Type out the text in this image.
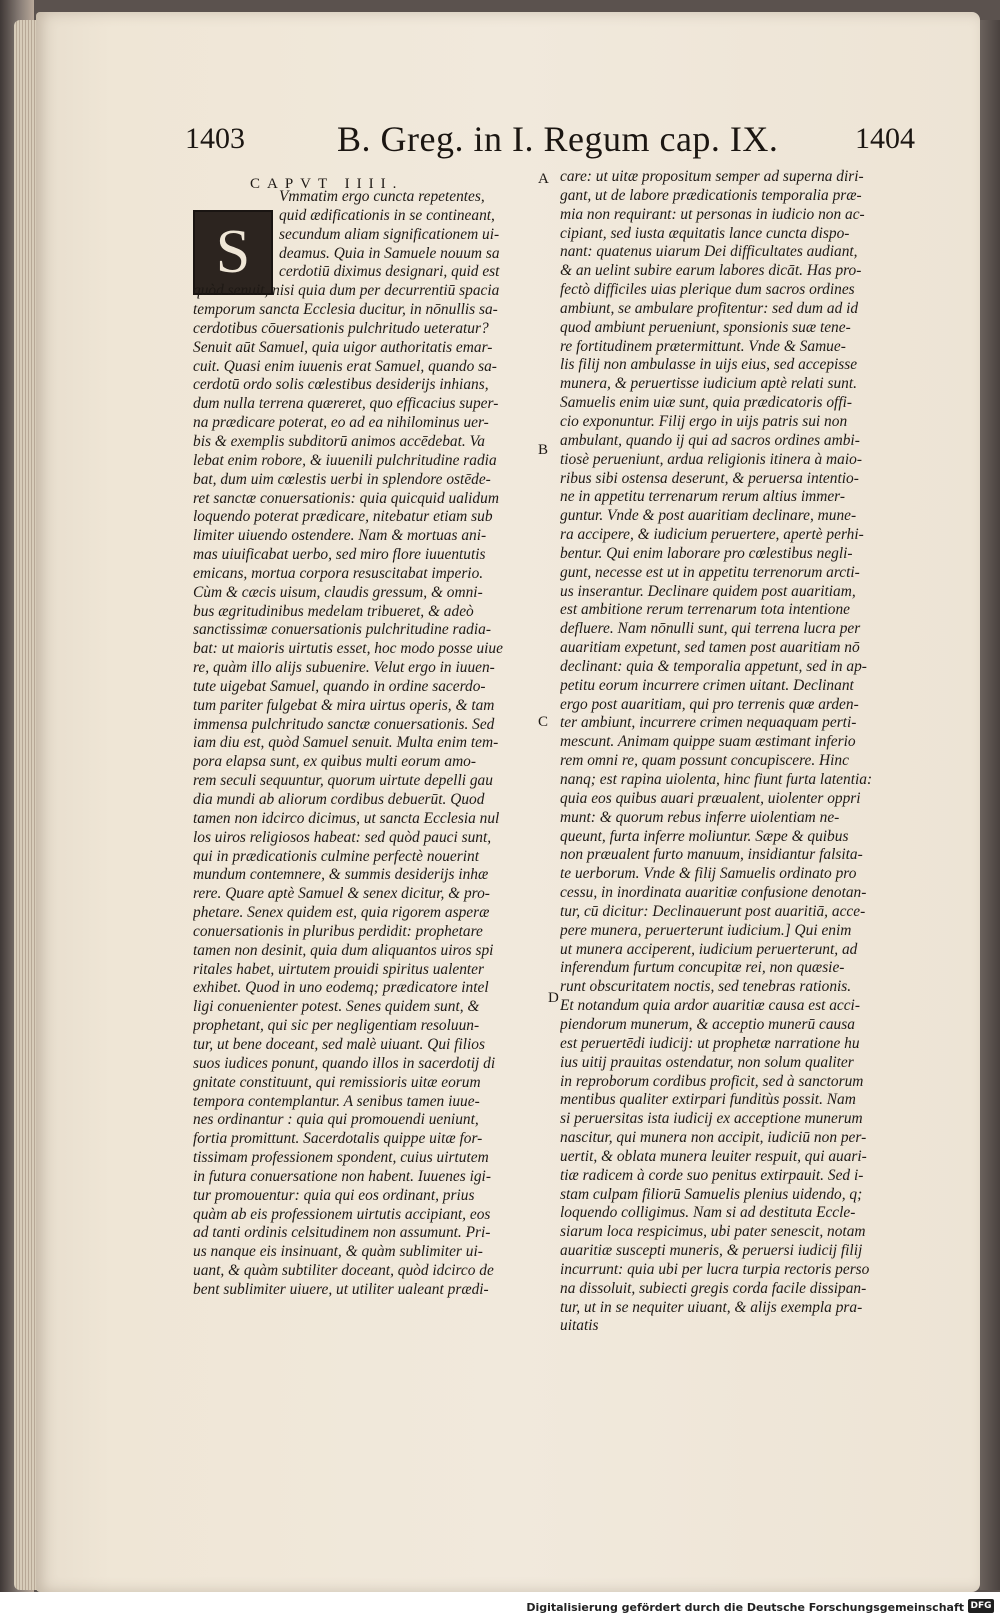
1403	B. Greg. in I. Regum cap. IX.	1404
CAPVT IIII.
S
A
B
C
D
Vmmatim ergo cuncta repetentes,
quid ædificationis in se contineant,
secundum aliam significationem ui-
deamus. Quia in Samuele nouum sa
cerdotiū diximus designari, quid est
quòd senuit, nisi quia dum per decurrentiū spacia
temporum sancta Ecclesia ducitur, in nōnullis sa-
cerdotibus cōuersationis pulchritudo ueteratur?
Senuit aūt Samuel, quia uigor authoritatis emar-
cuit. Quasi enim iuuenis erat Samuel, quando sa-
cerdotū ordo solis cœlestibus desiderijs inhians,
dum nulla terrena quæreret, quo efficacius super-
na prædicare poterat, eo ad ea nihilominus uer-
bis & exemplis subditorū animos accēdebat. Va
lebat enim robore, & iuuenili pulchritudine radia
bat, dum uim cœlestis uerbi in splendore ostēde-
ret sanctæ conuersationis: quia quicquid ualidum
loquendo poterat prædicare, nitebatur etiam sub
limiter uiuendo ostendere. Nam & mortuas ani-
mas uiuificabat uerbo, sed miro flore iuuentutis
emicans, mortua corpora resuscitabat imperio.
Cùm & cæcis uisum, claudis gressum, & omni-
bus ægritudinibus medelam tribueret, & adeò
sanctissimæ conuersationis pulchritudine radia-
bat: ut maioris uirtutis esset, hoc modo posse uiue
re, quàm illo alijs subuenire. Velut ergo in iuuen-
tute uigebat Samuel, quando in ordine sacerdo-
tum pariter fulgebat & mira uirtus operis, & tam
immensa pulchritudo sanctæ conuersationis. Sed
iam diu est, quòd Samuel senuit. Multa enim tem-
pora elapsa sunt, ex quibus multi eorum amo-
rem seculi sequuntur, quorum uirtute depelli gau
dia mundi ab aliorum cordibus debuerūt. Quod
tamen non idcirco dicimus, ut sancta Ecclesia nul
los uiros religiosos habeat: sed quòd pauci sunt,
qui in prædicationis culmine perfectè nouerint
mundum contemnere, & summis desiderijs inhæ
rere. Quare aptè Samuel & senex dicitur, & pro-
phetare. Senex quidem est, quia rigorem asperæ
conuersationis in pluribus perdidit: prophetare
tamen non desinit, quia dum aliquantos uiros spi
ritales habet, uirtutem prouidi spiritus ualenter
exhibet. Quod in uno eodemq; prædicatore intel
ligi conuenienter potest. Senes quidem sunt, &
prophetant, qui sic per negligentiam resoluun-
tur, ut bene doceant, sed malè uiuant. Qui filios
suos iudices ponunt, quando illos in sacerdotij di
gnitate constituunt, qui remissioris uitæ eorum
tempora contemplantur. A senibus tamen iuue-
nes ordinantur : quia qui promouendi ueniunt,
fortia promittunt. Sacerdotalis quippe uitæ for-
tissimam professionem spondent, cuius uirtutem
in futura conuersatione non habent. Iuuenes igi-
tur promouentur: quia qui eos ordinant, prius
quàm ab eis professionem uirtutis accipiant, eos
ad tanti ordinis celsitudinem non assumunt. Pri-
us nanque eis insinuant, & quàm sublimiter ui-
uant, & quàm subtiliter doceant, quòd idcirco de
bent sublimiter uiuere, ut utiliter ualeant prædi-
care: ut uitæ propositum semper ad superna diri-
gant, ut de labore prædicationis temporalia præ-
mia non requirant: ut personas in iudicio non ac-
cipiant, sed iusta æquitatis lance cuncta dispo-
nant: quatenus uiarum Dei difficultates audiant,
& an uelint subire earum labores dicāt. Has pro-
fectò difficiles uias plerique dum sacros ordines
ambiunt, se ambulare profitentur: sed dum ad id
quod ambiunt perueniunt, sponsionis suæ tene-
re fortitudinem prætermittunt. Vnde & Samue-
lis filij non ambulasse in uijs eius, sed accepisse
munera, & peruertisse iudicium aptè relati sunt.
Samuelis enim uiæ sunt, quia prædicatoris offi-
cio exponuntur. Filij ergo in uijs patris sui non
ambulant, quando ij qui ad sacros ordines ambi-
tiosè perueniunt, ardua religionis itinera à maio-
ribus sibi ostensa deserunt, & peruersa intentio-
ne in appetitu terrenarum rerum altius immer-
guntur. Vnde & post auaritiam declinare, mune-
ra accipere, & iudicium peruertere, apertè perhi-
bentur. Qui enim laborare pro cœlestibus negli-
gunt, necesse est ut in appetitu terrenorum arcti-
us inserantur. Declinare quidem post auaritiam,
est ambitione rerum terrenarum tota intentione
defluere. Nam nōnulli sunt, qui terrena lucra per
auaritiam expetunt, sed tamen post auaritiam nō
declinant: quia & temporalia appetunt, sed in ap-
petitu eorum incurrere crimen uitant. Declinant
ergo post auaritiam, qui pro terrenis quæ arden-
ter ambiunt, incurrere crimen nequaquam perti-
mescunt. Animam quippe suam æstimant inferio
rem omni re, quam possunt concupiscere. Hinc
nanq; est rapina uiolenta, hinc fiunt furta latentia:
quia eos quibus auari præualent, uiolenter oppri
munt: & quorum rebus inferre uiolentiam ne-
queunt, furta inferre moliuntur. Sæpe & quibus
non præualent furto manuum, insidiantur falsita-
te uerborum. Vnde & filij Samuelis ordinato pro
cessu, in inordinata auaritiæ confusione denotan-
tur, cū dicitur: Declinauerunt post auaritiā, acce-
pere munera, peruerterunt iudicium.] Qui enim
ut munera acciperent, iudicium peruerterunt, ad
inferendum furtum concupitæ rei, non quæsie-
runt obscuritatem noctis, sed tenebras rationis.
Et notandum quia ardor auaritiæ causa est acci-
piendorum munerum, & acceptio munerū causa
est peruertēdi iudicij: ut prophetæ narratione hu
ius uitij prauitas ostendatur, non solum qualiter
in reproborum cordibus proficit, sed à sanctorum
mentibus qualiter extirpari funditùs possit. Nam
si peruersitas ista iudicij ex acceptione munerum
nascitur, qui munera non accipit, iudiciū non per-
uertit, & oblata munera leuiter respuit, qui auari-
tiæ radicem à corde suo penitus extirpauit. Sed i-
stam culpam filiorū Samuelis plenius uidendo, q;
loquendo colligimus. Nam si ad destituta Eccle-
siarum loca respicimus, ubi pater senescit, notam
auaritiæ suscepti muneris, & peruersi iudicij filij
incurrunt: quia ubi per lucra turpia rectoris perso
na dissoluit, subiecti gregis corda facile dissipan-
tur, ut in se nequiter uiuant, & alijs exempla pra-
uitatis
Digitalisierung gefördert durch die Deutsche Forschungsgemeinschaft DFG
